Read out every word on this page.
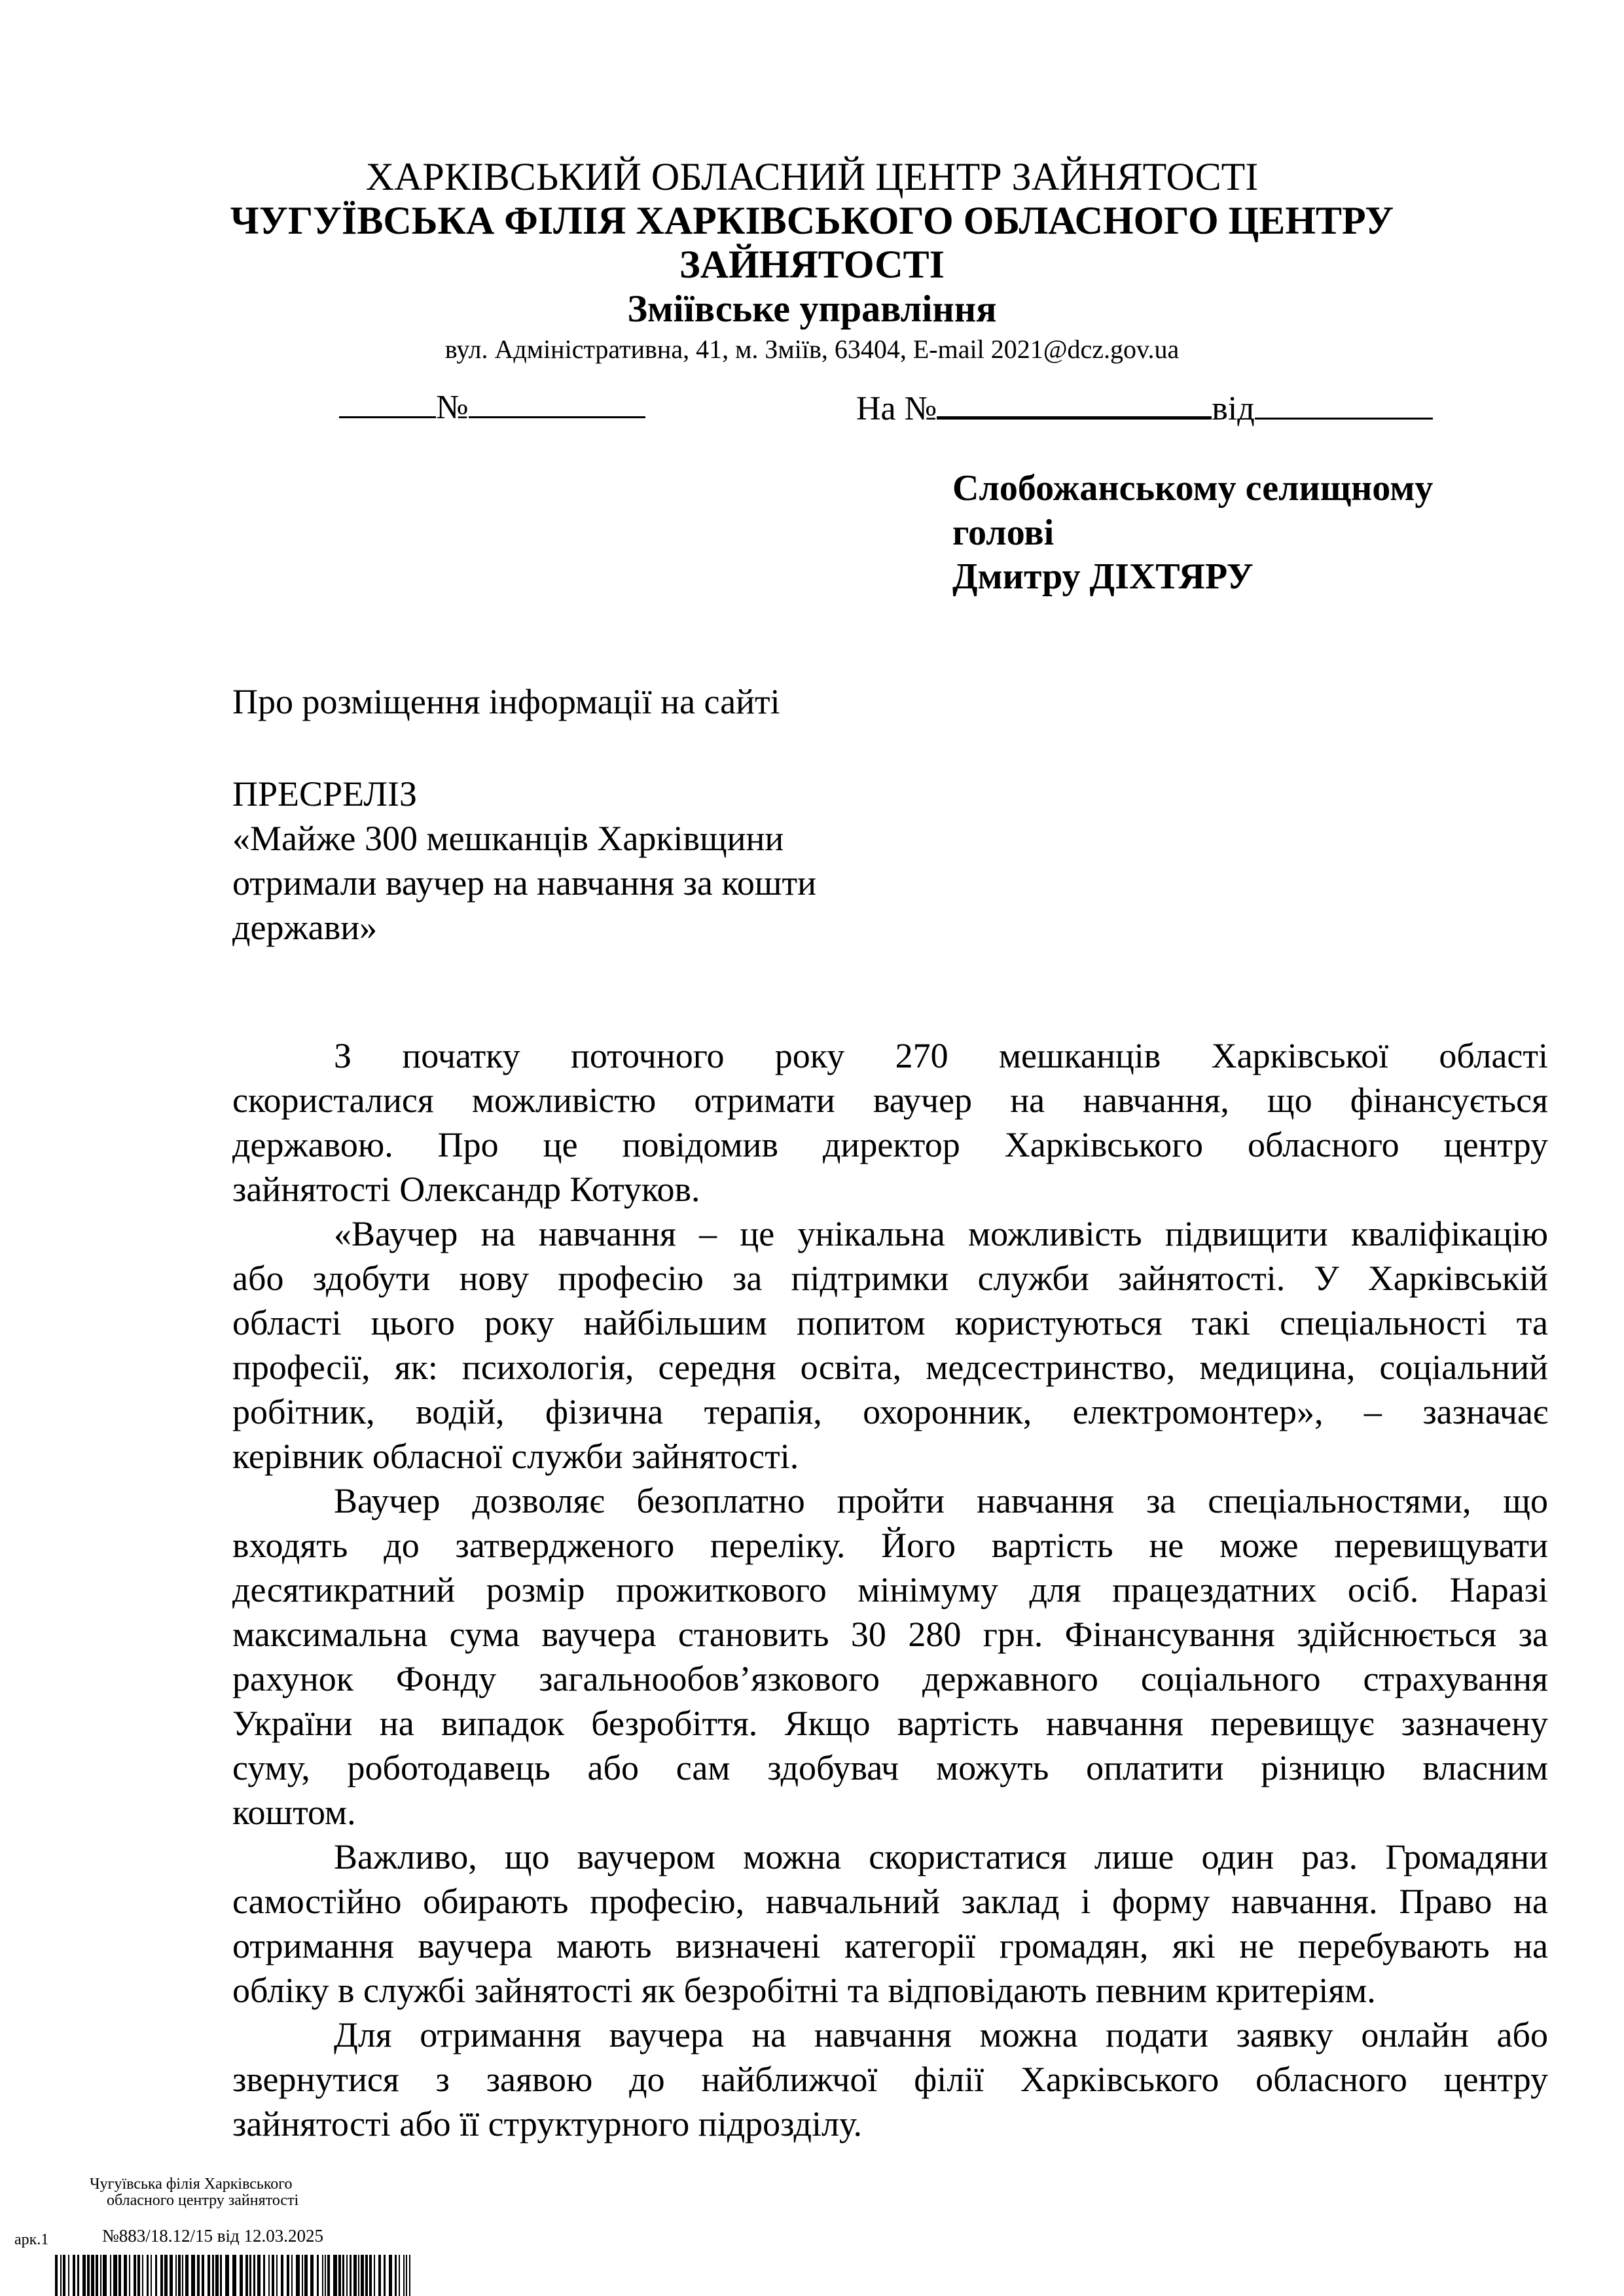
ХАРКІВСЬКИЙ ОБЛАСНИЙ ЦЕНТР ЗАЙНЯТОСТІ
ЧУГУЇВСЬКА ФІЛІЯ ХАРКІВСЬКОГО ОБЛАСНОГО ЦЕНТРУ
ЗАЙНЯТОСТІ
Зміївське управління
вул. Адміністративна, 41, м. Зміїв, 63404, E-mail 2021@dcz.gov.ua
№	На №	від
Слобожанському селищному
голові
Дмитру ДІХТЯРУ
Про розміщення інформації на сайті
ПРЕСРЕЛІЗ
«Майже 300 мешканців Харківщини
отримали ваучер на навчання за кошти
держави»
З початку поточного року 270 мешканців Харківської області
скористалися можливістю отримати ваучер на навчання, що фінансується
державою. Про це повідомив директор Харківського обласного центру
зайнятості Олександр Котуков.
«Ваучер на навчання – це унікальна можливість підвищити кваліфікацію
або здобути нову професію за підтримки служби зайнятості. У Харківській
області цього року найбільшим попитом користуються такі спеціальності та
професії, як: психологія, середня освіта, медсестринство, медицина, соціальний
робітник, водій, фізична терапія, охоронник, електромонтер», – зазначає
керівник обласної служби зайнятості.
Ваучер дозволяє безоплатно пройти навчання за спеціальностями, що
входять до затвердженого переліку. Його вартість не може перевищувати
десятикратний розмір прожиткового мінімуму для працездатних осіб. Наразі
максимальна сума ваучера становить 30 280 грн. Фінансування здійснюється за
рахунок Фонду загальнообов’язкового державного соціального страхування
України на випадок безробіття. Якщо вартість навчання перевищує зазначену
суму, роботодавець або сам здобувач можуть оплатити різницю власним
коштом.
Важливо, що ваучером можна скористатися лише один раз. Громадяни
самостійно обирають професію, навчальний заклад і форму навчання. Право на
отримання ваучера мають визначені категорії громадян, які не перебувають на
обліку в службі зайнятості як безробітні та відповідають певним критеріям.
Для отримання ваучера на навчання можна подати заявку онлайн або
звернутися з заявою до найближчої філії Харківського обласного центру
зайнятості або її структурного підрозділу.
Чугуївська філія Харківського
обласного центру зайнятості
арк.1	№883/18.12/15 від 12.03.2025
